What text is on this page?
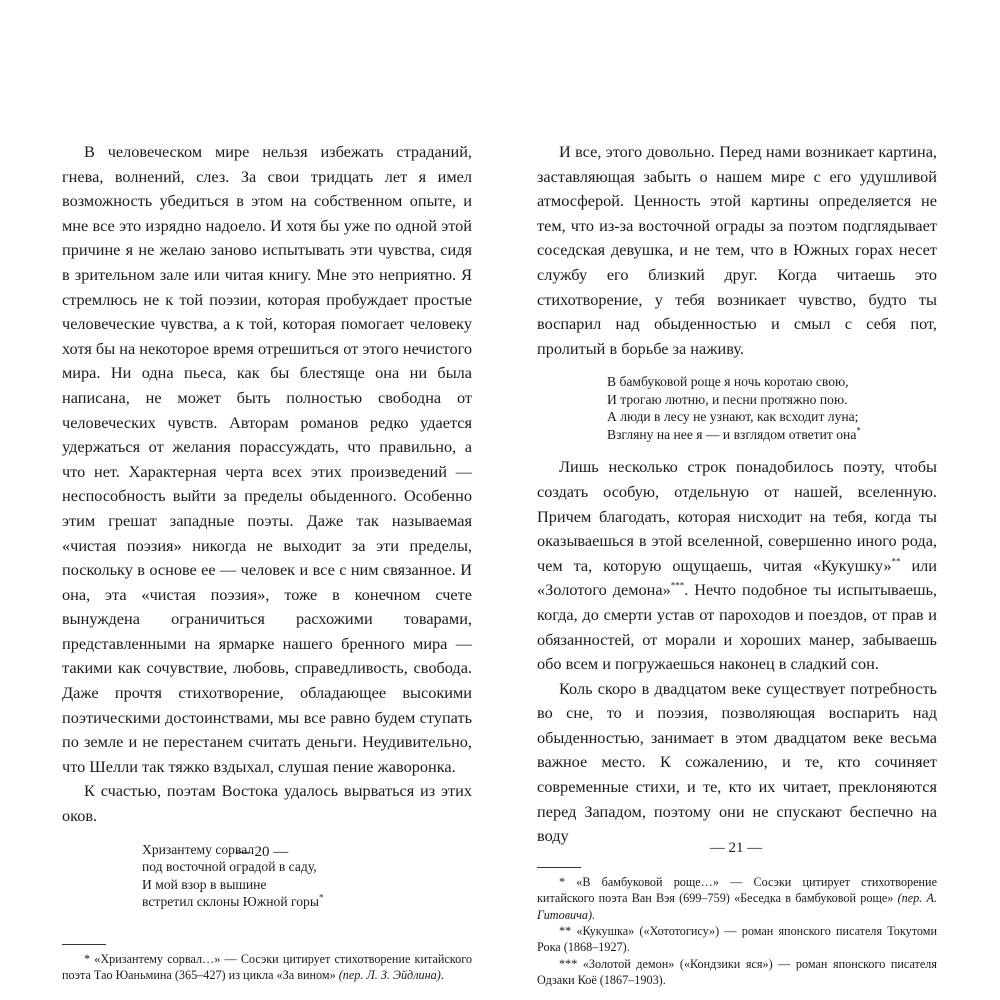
В человеческом мире нельзя избежать страданий, гнева, волнений, слез. За свои тридцать лет я имел возможность убедиться в этом на собственном опыте, и мне все это изрядно надоело. И хотя бы уже по одной этой причине я не желаю заново испытывать эти чувства, сидя в зрительном зале или читая книгу. Мне это неприятно. Я стремлюсь не к той поэзии, которая пробуждает простые человеческие чувства, а к той, которая помогает человеку хотя бы на некоторое время отрешиться от этого нечистого мира. Ни одна пьеса, как бы блестяще она ни была написана, не может быть полностью свободна от человеческих чувств. Авторам романов редко удается удержаться от желания порассуждать, что правильно, а что нет. Характерная черта всех этих произведений — неспособность выйти за пределы обыденного. Особенно этим грешат западные поэты. Даже так называемая «чистая поэзия» никогда не выходит за эти пределы, поскольку в основе ее — человек и все с ним связанное. И она, эта «чистая поэзия», тоже в конечном счете вынуждена ограничиться расхожими товарами, представленными на ярмарке нашего бренного мира — такими как сочувствие, любовь, справедливость, свобода. Даже прочтя стихотворение, обладающее высокими поэтическими достоинствами, мы все равно будем ступать по земле и не перестанем считать деньги. Неудивительно, что Шелли так тяжко вздыхал, слушая пение жаворонка.

К счастью, поэтам Востока удалось вырваться из этих оков.

Хризантему сорвал
под восточной оградой в саду,
И мой взор в вышине
встретил склоны Южной горы*

* «Хризантему сорвал…» — Сосэки цитирует стихотворение китайского поэта Тао Юаньмина (365–427) из цикла «За вином» (пер. Л. З. Эйдлина).

— 20 —

И все, этого довольно. Перед нами возникает картина, заставляющая забыть о нашем мире с его удушливой атмосферой. Ценность этой картины определяется не тем, что из-за восточной ограды за поэтом подглядывает соседская девушка, и не тем, что в Южных горах несет службу его близкий друг. Когда читаешь это стихотворение, у тебя возникает чувство, будто ты воспарил над обыденностью и смыл с себя пот, пролитый в борьбе за наживу.

В бамбуковой роще я ночь коротаю свою,
И трогаю лютню, и песни протяжно пою.
А люди в лесу не узнают, как всходит луна;
Взгляну на нее я — и взглядом ответит она*

Лишь несколько строк понадобилось поэту, чтобы создать особую, отдельную от нашей, вселенную. Причем благодать, которая нисходит на тебя, когда ты оказываешься в этой вселенной, совершенно иного рода, чем та, которую ощущаешь, читая «Кукушку»** или «Золотого демона»***. Нечто подобное ты испытываешь, когда, до смерти устав от пароходов и поездов, от прав и обязанностей, от морали и хороших манер, забываешь обо всем и погружаешься наконец в сладкий сон.

Коль скоро в двадцатом веке существует потребность во сне, то и поэзия, позволяющая воспарить над обыденностью, занимает в этом двадцатом веке весьма важное место. К сожалению, и те, кто сочиняет современные стихи, и те, кто их читает, преклоняются перед Западом, поэтому они не спускают беспечно на воду

* «В бамбуковой роще…» — Сосэки цитирует стихотворение китайского поэта Ван Вэя (699–759) «Беседка в бамбуковой роще» (пер. А. Гитовича).

** «Кукушка» («Хототогису») — роман японского писателя Токутоми Рока (1868–1927).

*** «Золотой демон» («Кондзики яся») — роман японского писателя Одзаки Коё (1867–1903).

— 21 —
